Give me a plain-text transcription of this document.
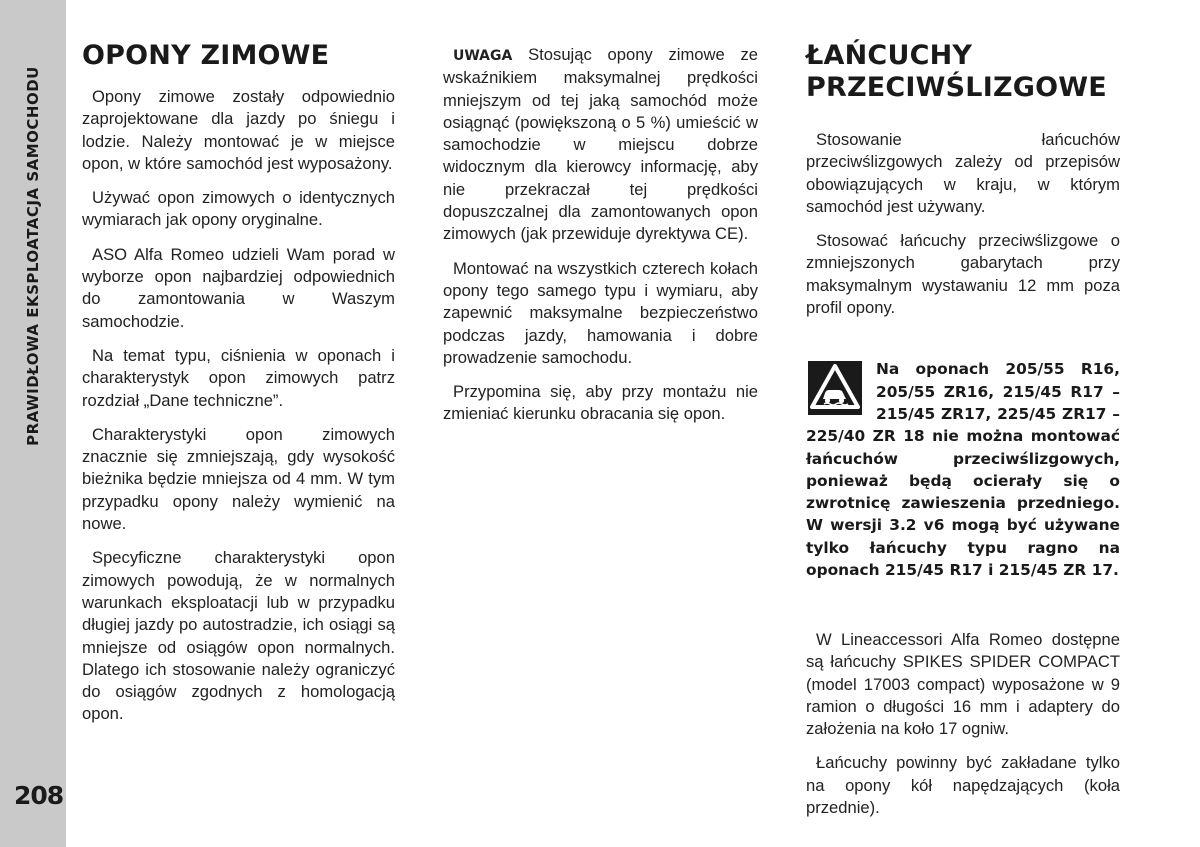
PRAWIDŁOWA EKSPLOATACJA SAMOCHODU
208
OPONY ZIMOWE

Opony zimowe zostały odpowiednio zaprojektowane dla jazdy po śniegu i lodzie. Należy montować je w miejsce opon, w które samochód jest wyposażony.

Używać opon zimowych o identycznych wymiarach jak opony oryginalne.

ASO Alfa Romeo udzieli Wam porad w wyborze opon najbardziej odpowiednich do zamontowania w Waszym samochodzie.

Na temat typu, ciśnienia w oponach i charakterystyk opon zimowych patrz rozdział „Dane techniczne”.

Charakterystyki opon zimowych znacznie się zmniejszają, gdy wysokość bieżnika będzie mniejsza od 4 mm. W tym przypadku opony należy wymienić na nowe.

Specyficzne charakterystyki opon zimowych powodują, że w normalnych warunkach eksploatacji lub w przypadku długiej jazdy po autostradzie, ich osiągi są mniejsze od osiągów opon normalnych. Dlatego ich stosowanie należy ograniczyć do osiągów zgodnych z homologacją opon.

UWAGA Stosując opony zimowe ze wskaźnikiem maksymalnej prędkości mniejszym od tej jaką samochód może osiągnąć (powiększoną o 5 %) umieścić w samochodzie w miejscu dobrze widocznym dla kierowcy informację, aby nie przekraczał tej prędkości dopuszczalnej dla zamontowanych opon zimowych (jak przewiduje dyrektywa CE).

Montować na wszystkich czterech kołach opony tego samego typu i wymiaru, aby zapewnić maksymalne bezpieczeństwo podczas jazdy, hamowania i dobre prowadzenie samochodu.

Przypomina się, aby przy montażu nie zmieniać kierunku obracania się opon.

ŁAŃCUCHY
PRZECIWŚLIZGOWE

Stosowanie łańcuchów przeciwślizgowych zależy od przepisów obowiązujących w kraju, w którym samochód jest używany.

Stosować łańcuchy przeciwślizgowe o zmniejszonych gabarytach przy maksymalnym wystawaniu 12 mm poza profil opony.

Na oponach 205/55 R16, 205/55 ZR16, 215/45 R17 – 215/45 ZR17, 225/45 ZR17 – 225/40 ZR 18 nie można montować łańcuchów przeciwślizgowych, ponieważ będą ocierały się o zwrotnicę zawieszenia przedniego. W wersji 3.2 v6 mogą być używane tylko łańcuchy typu ragno na oponach 215/45 R17 i 215/45 ZR 17.

W Lineaccessori Alfa Romeo dostępne są łańcuchy SPIKES SPIDER COMPACT (model 17003 compact) wyposażone w 9 ramion o długości 16 mm i adaptery do założenia na koło 17 ogniw.

Łańcuchy powinny być zakładane tylko na opony kół napędzających (koła przednie).
